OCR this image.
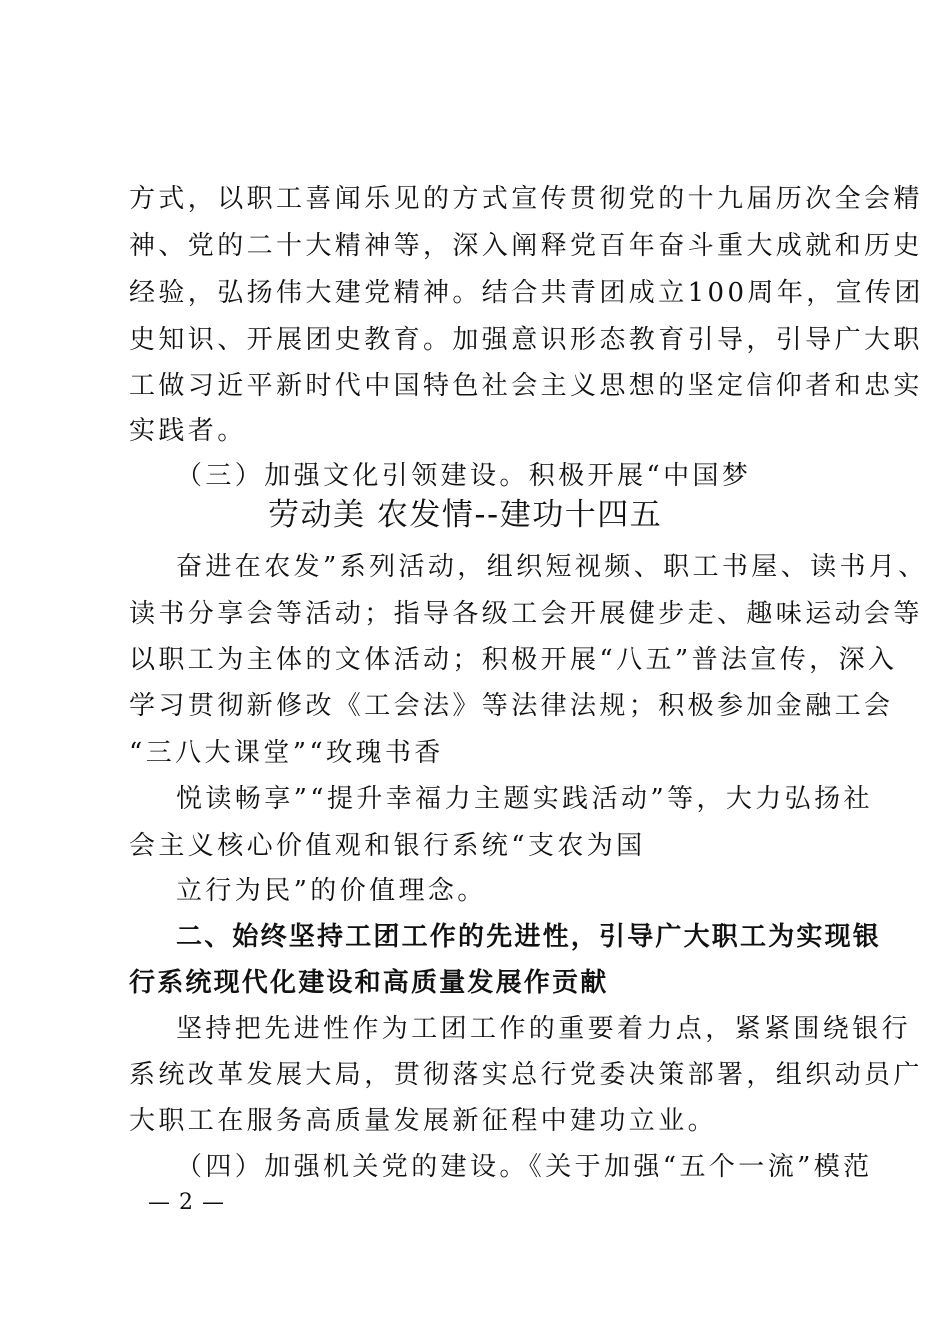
方式，以职工喜闻乐见的方式宣传贯彻党的十九届历次全会精
神、党的二十大精神等，深入阐释党百年奋斗重大成就和历史
经验，弘扬伟大建党精神。结合共青团成立100周年，宣传团
史知识、开展团史教育。加强意识形态教育引导，引导广大职
工做习近平新时代中国特色社会主义思想的坚定信仰者和忠实
实践者。
（三）加强文化引领建设。积极开展“中国梦
劳动美 农发情--建功十四五
奋进在农发”系列活动，组织短视频、职工书屋、读书月、
读书分享会等活动；指导各级工会开展健步走、趣味运动会等
以职工为主体的文体活动；积极开展“八五”普法宣传，深入
学习贯彻新修改《工会法》等法律法规；积极参加金融工会
“三八大课堂”“玫瑰书香
悦读畅享”“提升幸福力主题实践活动”等，大力弘扬社
会主义核心价值观和银行系统“支农为国
立行为民”的价值理念。
二、始终坚持工团工作的先进性，引导广大职工为实现银
行系统现代化建设和高质量发展作贡献
坚持把先进性作为工团工作的重要着力点，紧紧围绕银行
系统改革发展大局，贯彻落实总行党委决策部署，组织动员广
大职工在服务高质量发展新征程中建功立业。
（四）加强机关党的建设。《关于加强“五个一流”模范
— 2 —
